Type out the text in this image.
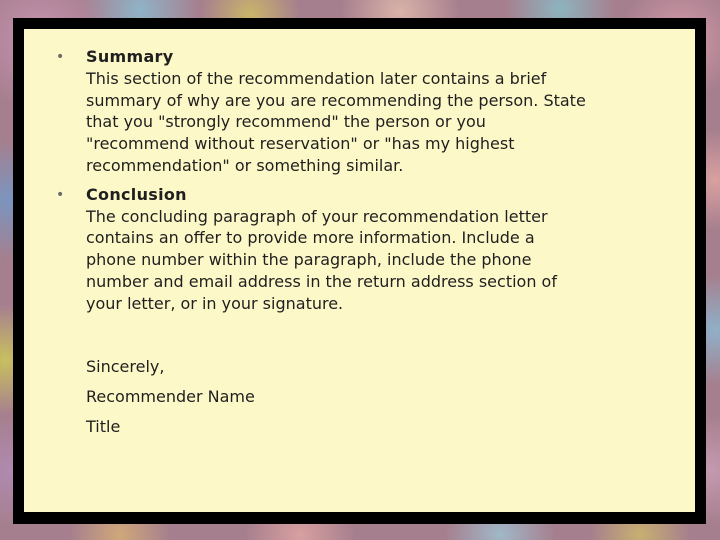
• Summary
This section of the recommendation later contains a brief
summary of why are you are recommending the person. State
that you "strongly recommend" the person or you
"recommend without reservation" or "has my highest
recommendation" or something similar.
• Conclusion
The concluding paragraph of your recommendation letter
contains an offer to provide more information. Include a
phone number within the paragraph, include the phone
number and email address in the return address section of
your letter, or in your signature.
Sincerely,
Recommender Name
Title
